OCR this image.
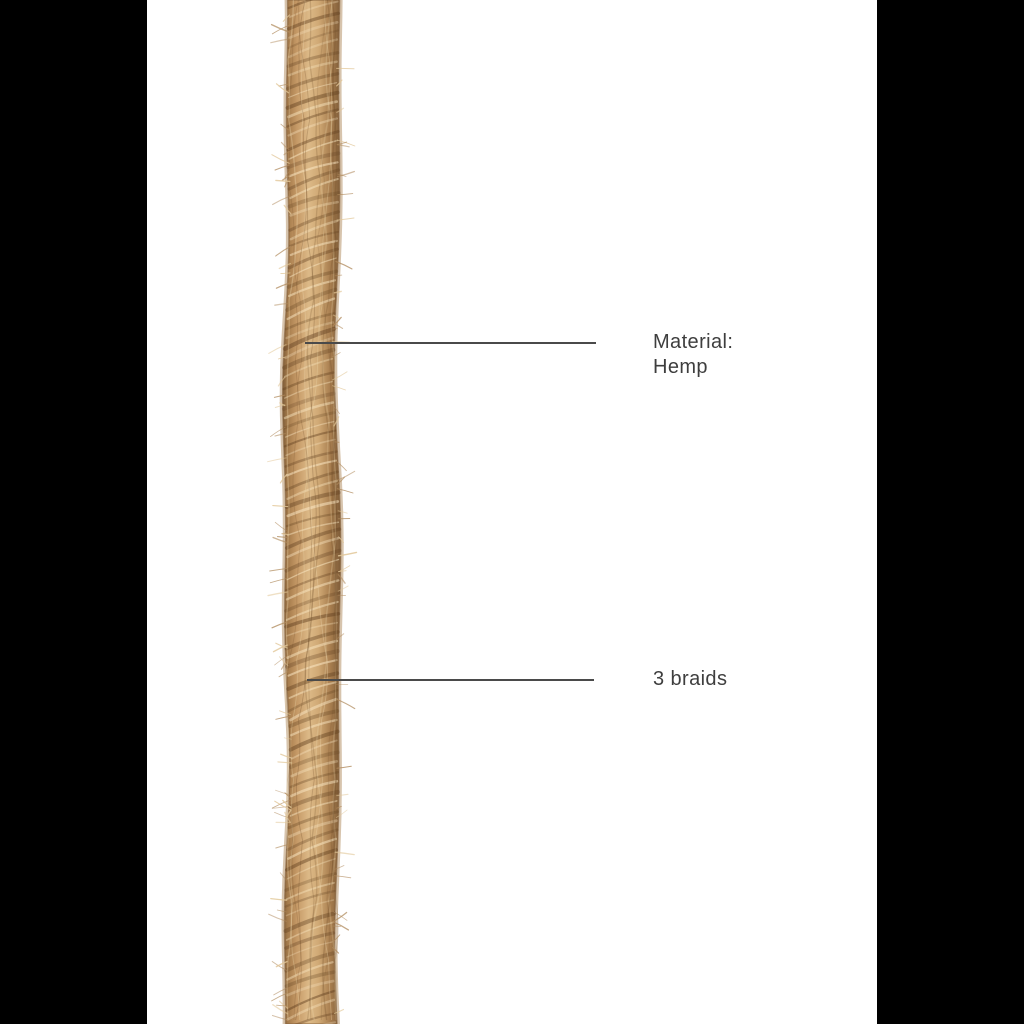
Material:
Hemp
3 braids
